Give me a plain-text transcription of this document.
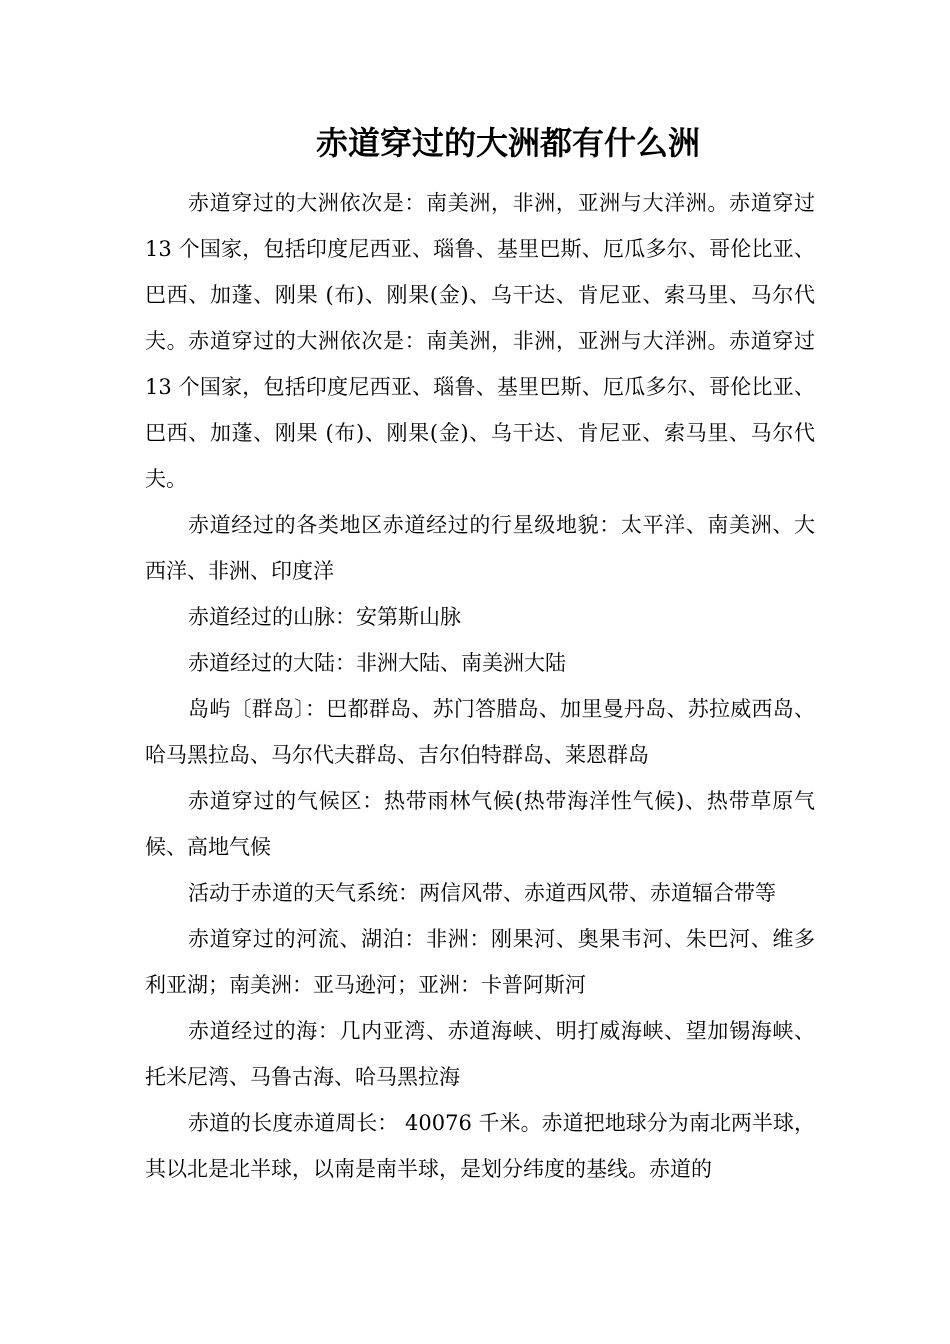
赤道穿过的大洲都有什么洲

赤道穿过的大洲依次是：南美洲，非洲，亚洲与大洋洲。赤道穿过 13 个国家，包括印度尼西亚、瑙鲁、基里巴斯、厄瓜多尔、哥伦比亚、巴西、加蓬、刚果 (布)、刚果(金)、乌干达、肯尼亚、索马里、马尔代夫。赤道穿过的大洲依次是：南美洲，非洲，亚洲与大洋洲。赤道穿过 13 个国家，包括印度尼西亚、瑙鲁、基里巴斯、厄瓜多尔、哥伦比亚、巴西、加蓬、刚果 (布)、刚果(金)、乌干达、肯尼亚、索马里、马尔代夫。

赤道经过的各类地区赤道经过的行星级地貌：太平洋、南美洲、大西洋、非洲、印度洋

赤道经过的山脉：安第斯山脉

赤道经过的大陆：非洲大陆、南美洲大陆

岛屿〔群岛〕：巴都群岛、苏门答腊岛、加里曼丹岛、苏拉威西岛、哈马黑拉岛、马尔代夫群岛、吉尔伯特群岛、莱恩群岛

赤道穿过的气候区：热带雨林气候(热带海洋性气候)、热带草原气候、高地气候

活动于赤道的天气系统：两信风带、赤道西风带、赤道辐合带等

赤道穿过的河流、湖泊：非洲：刚果河、奥果韦河、朱巴河、维多利亚湖；南美洲：亚马逊河；亚洲：卡普阿斯河

赤道经过的海：几内亚湾、赤道海峡、明打威海峡、望加锡海峡、托米尼湾、马鲁古海、哈马黑拉海

赤道的长度赤道周长： 40076 千米。赤道把地球分为南北两半球，其以北是北半球，以南是南半球，是划分纬度的基线。赤道的
